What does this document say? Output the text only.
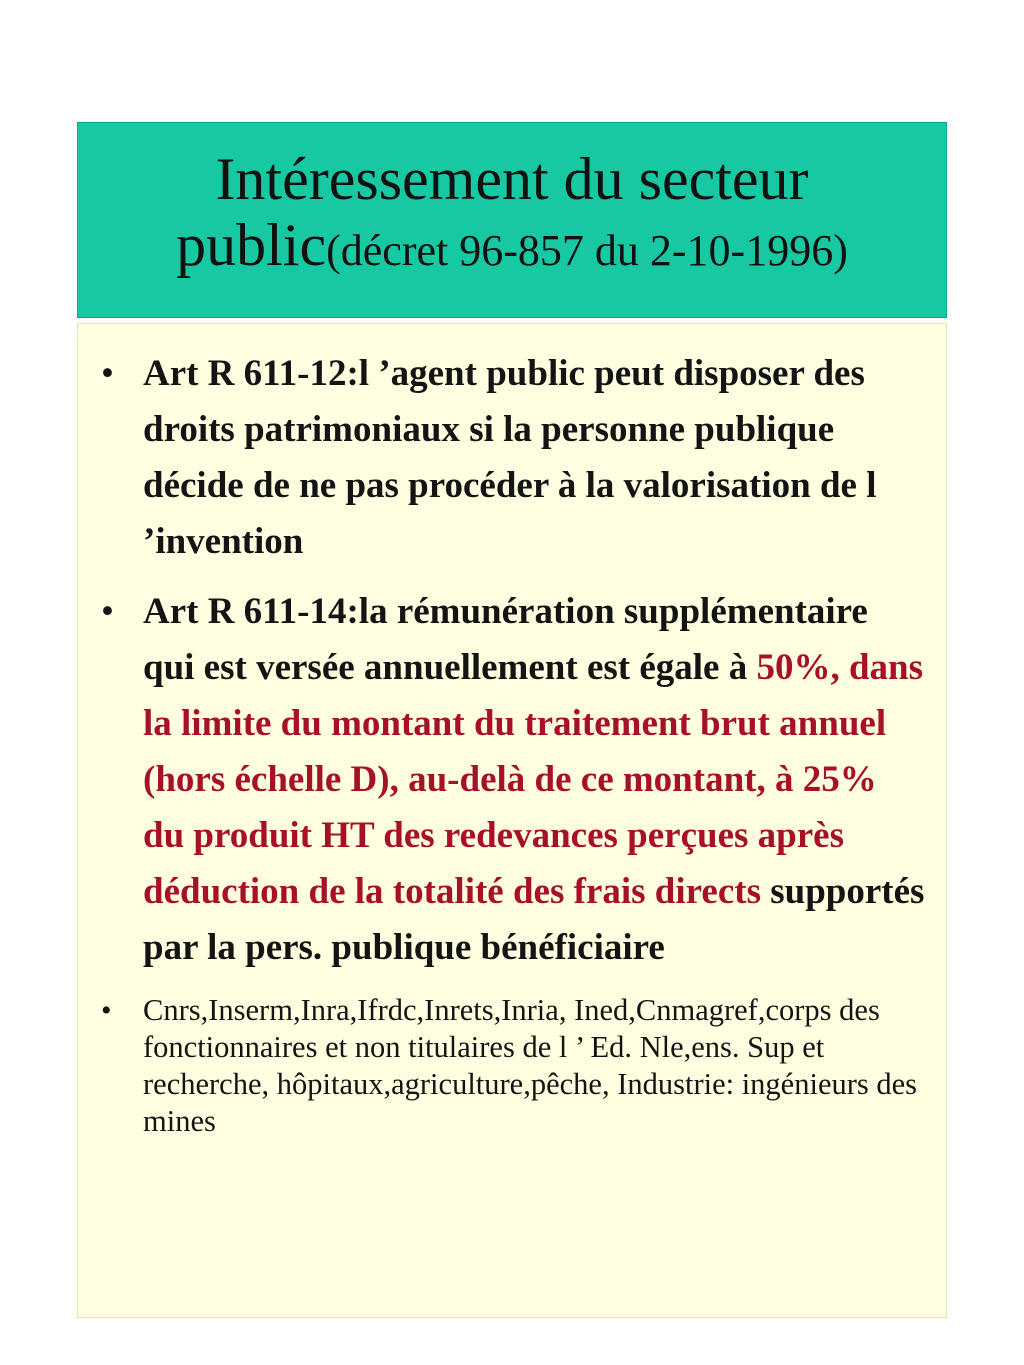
Intéressement du secteur
public(décret 96-857 du 2-10-1996)
• Art R 611-12:l ’agent public peut disposer des droits patrimoniaux si la personne publique décide de ne pas procéder à la valorisation de l ’invention
• Art R 611-14:la rémunération supplémentaire qui est versée annuellement est égale à 50%, dans la limite du montant du traitement brut annuel (hors échelle D), au-delà de ce montant, à 25% du produit HT des redevances perçues après déduction de la totalité des frais directs supportés par la pers. publique bénéficiaire
•	Cnrs,Inserm,Inra,Ifrdc,Inrets,Inria, Ined,Cnmagref,corps des fonctionnaires et non titulaires de l ’ Ed. Nle,ens. Sup et recherche, hôpitaux,agriculture,pêche, Industrie: ingénieurs des mines
